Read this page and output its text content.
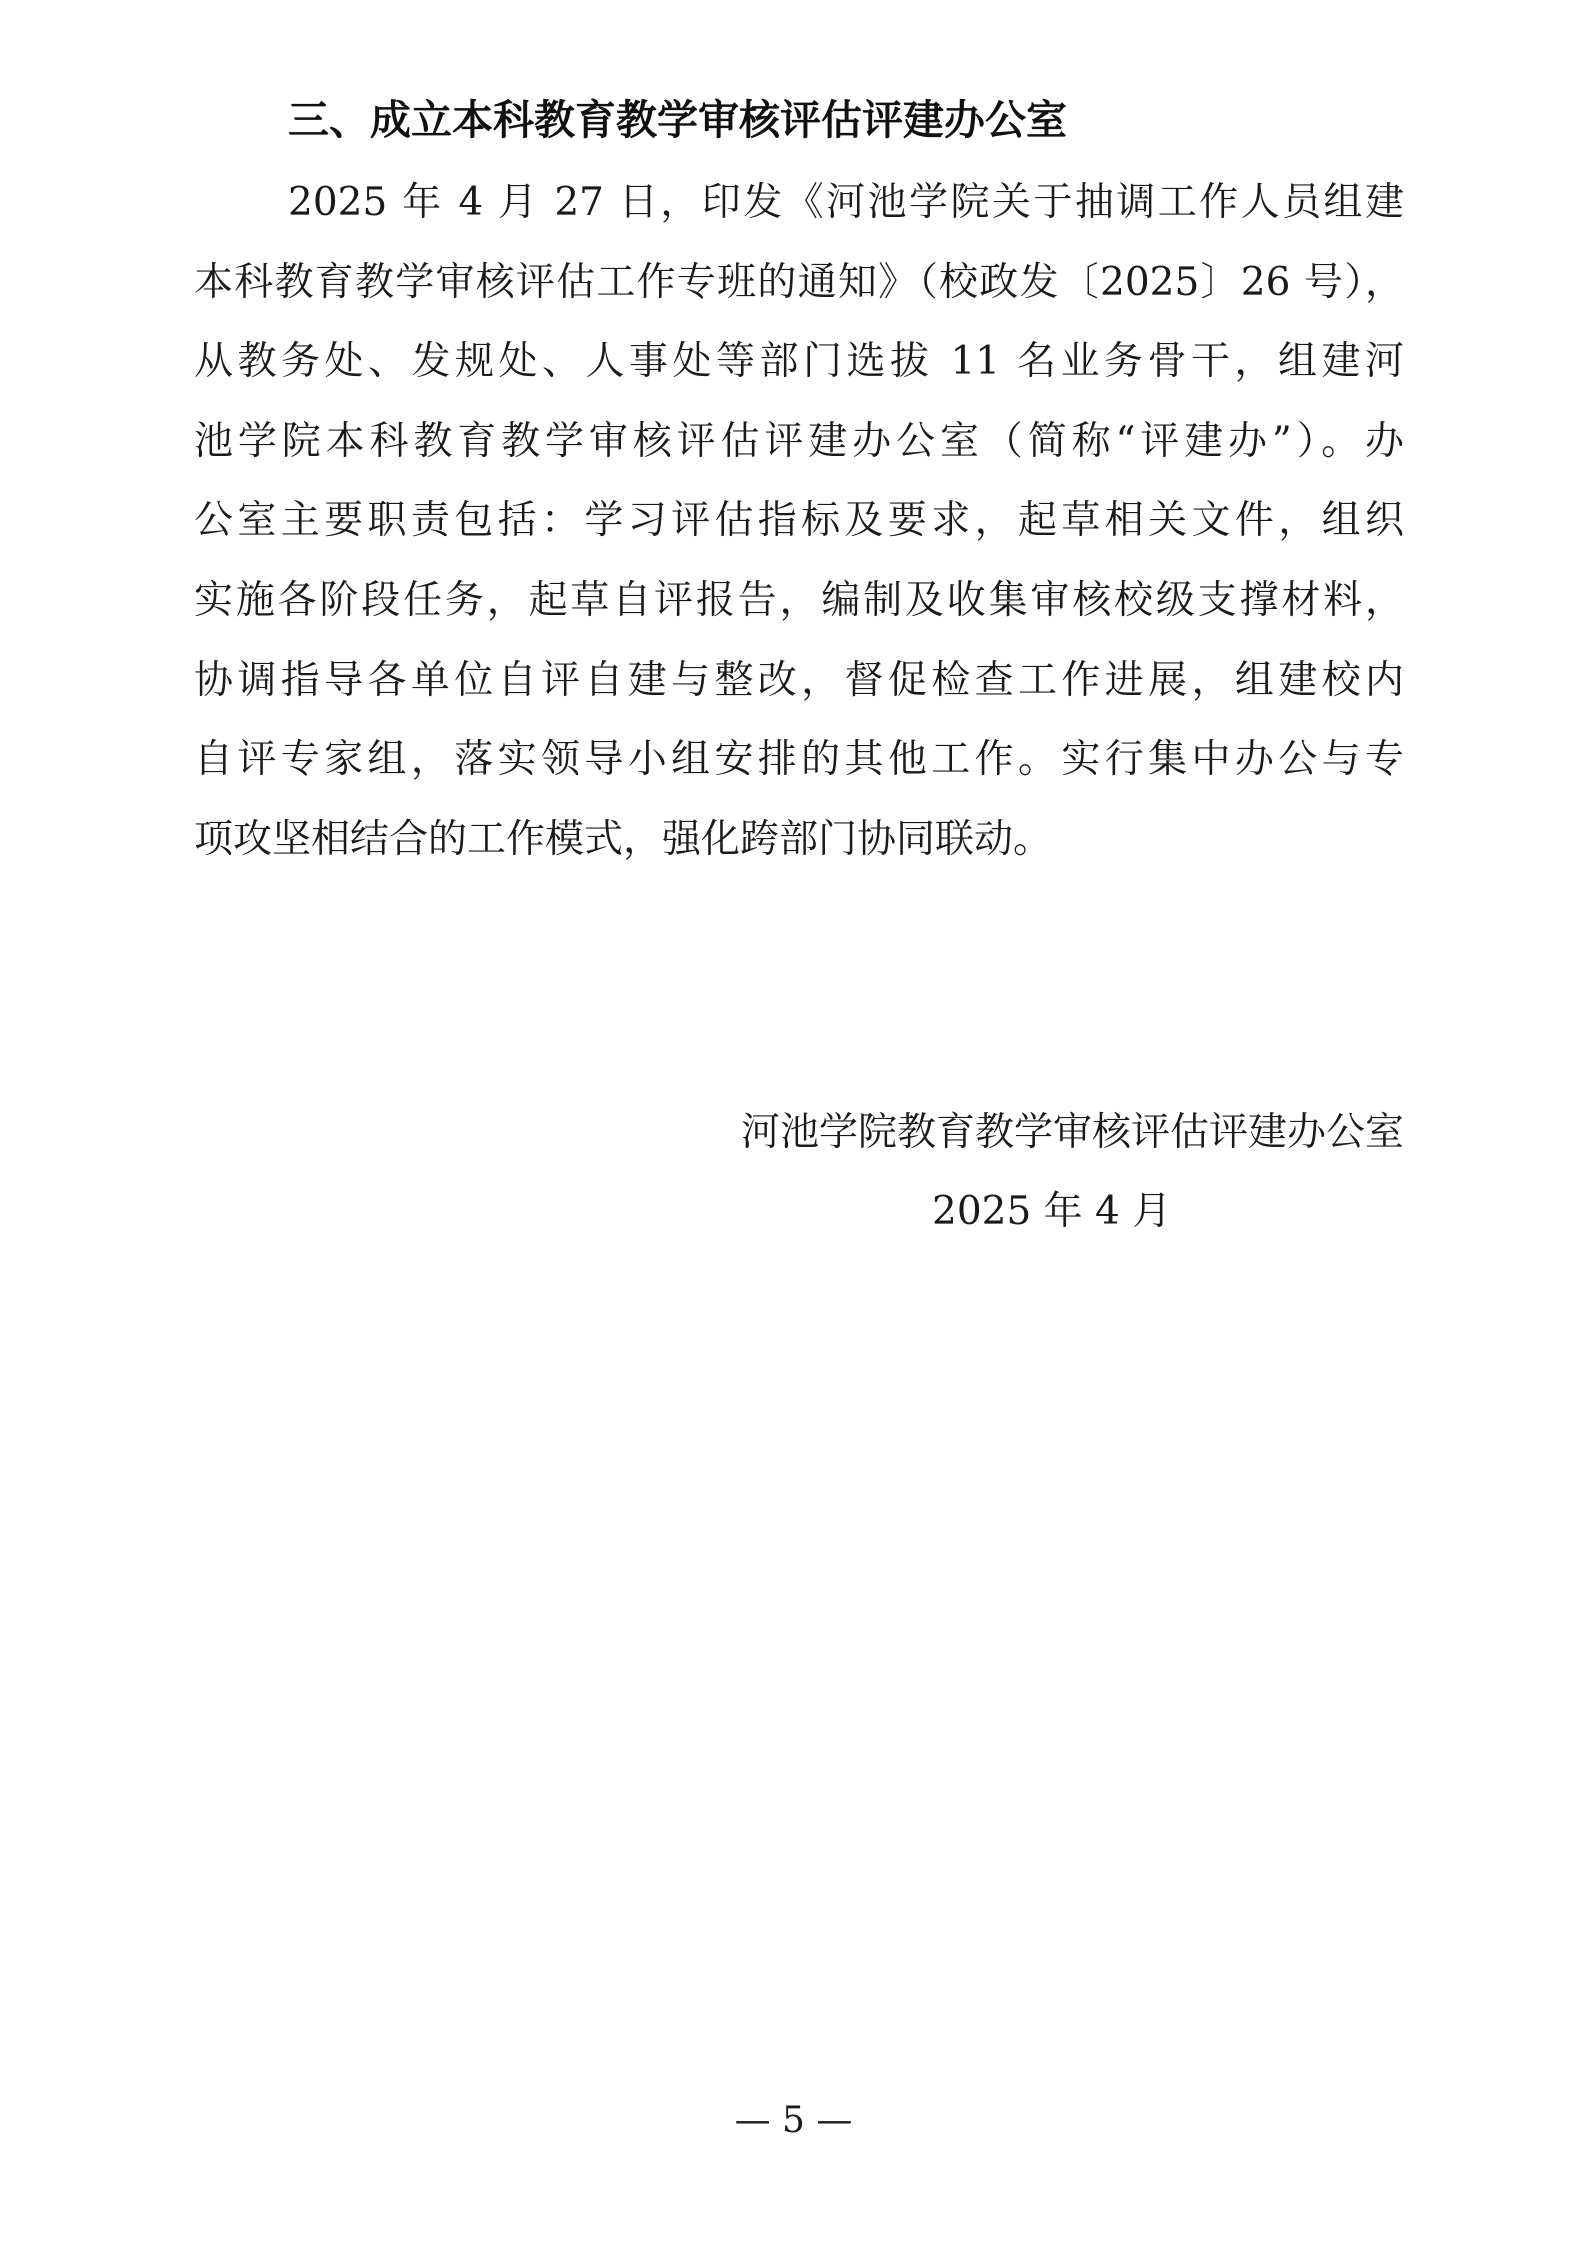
三、成立本科教育教学审核评估评建办公室
2025 年 4 月 27 日，印发《河池学院关于抽调工作人员组建
本科教育教学审核评估工作专班的通知》（校政发〔2025〕26 号），
从教务处、发规处、人事处等部门选拔 11 名业务骨干，组建河
池学院本科教育教学审核评估评建办公室（简称“评建办”）。办
公室主要职责包括：学习评估指标及要求，起草相关文件，组织
实施各阶段任务，起草自评报告，编制及收集审核校级支撑材料，
协调指导各单位自评自建与整改，督促检查工作进展，组建校内
自评专家组，落实领导小组安排的其他工作。实行集中办公与专
项攻坚相结合的工作模式，强化跨部门协同联动。
河池学院教育教学审核评估评建办公室
2025 年 4 月
— 5 —
